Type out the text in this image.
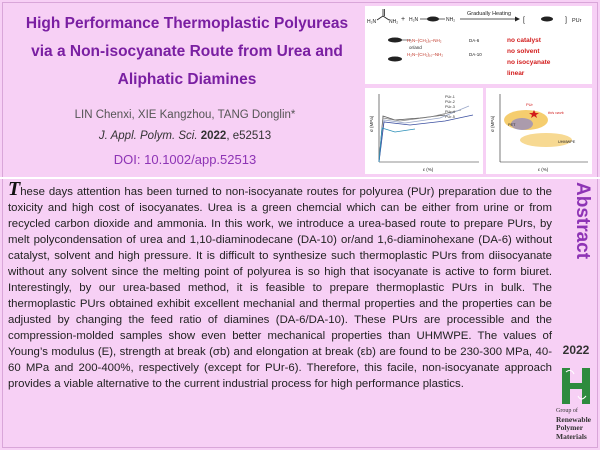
High Performance Thermoplastic Polyureas
via a Non-isocyanate Route from Urea and
Aliphatic Diamines
LIN Chenxi, XIE Kangzhou, TANG Donglin*
J. Appl. Polym. Sci. 2022, e52513
DOI: 10.1002/app.52513
H₂N	NH₂ + H₂N	NH₂
Gradually Heating
[	] PUr
H₂N–(CH₂)₆–NH₂
or/and
H₂N–(CH₂)₁₀–NH₂
DA-6
DA-10
no catalyst
no solvent
no isocyanate
linear
σ (MPa)
ε (%)
PUr-1
PUr-2
PUr-3
PUr-4
PUr-5	σ (MPa)
ε (%)
PUr
PET
UHMWPE
this work

These days attention has been turned to non-isocyanate routes for polyurea (PUr) preparation due to the toxicity and high cost of isocyanates. Urea is a green chemcial which can be either from urine or from recycled carbon dioxide and ammonia. In this work, we introduce a urea-based route to prepare PUrs, by melt polycondensation of urea and 1,10-diaminodecane (DA-10) or/and 1,6-diaminohexane (DA-6) without catalyst, solvent and high pressure. It is difficult to synthesize such thermoplastic PUrs from diisocyanate without any solvent since the melting point of polyurea is so high that isocyanate is active to form biuret. Interestingly, by our urea-based method, it is feasible to prepare thermoplastic PUrs in bulk. The thermoplastic PUrs obtained exhibit excellent mechanial and thermal properties and the properties can be adjusted by changing the feed ratio of diamines (DA-6/DA-10). These PUrs are processible and the compression-molded samples show even better mechanical properties than UHMWPE. The values of Young’s modulus (E), strength at break (σb) and elongation at break (εb) are found to be 230-300 MPa, 40-60 MPa and 200-400%, respectively (except for PUr-6). Therefore, this facile, non-isocyanate approach provides a viable alternative to the current industrial process for high performance plastics.

Abstract
2022
Group of
Renewable
Polymer
Materials
